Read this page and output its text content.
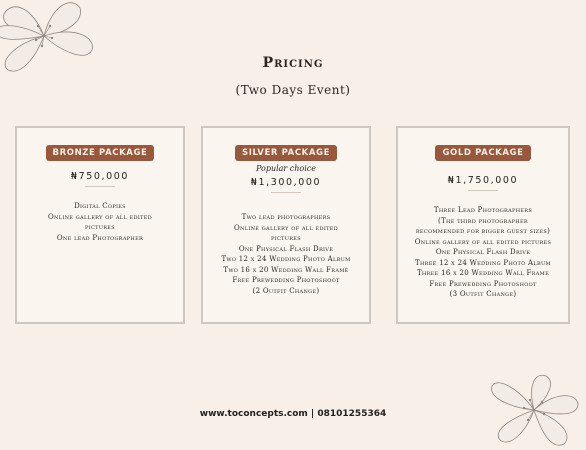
Pricing
(Two Days Event)
BRONZE PACKAGE
₦750,000
Digital Copies
Online gallery of all edited
pictures
One lead Photographer
SILVER PACKAGE
Popular choice
₦1,300,000
Two lead photographers
Online gallery of all edited
pictures
One Physical Flash Drive
Two 12 x 24 Wedding Photo Album
Two 16 x 20 Wedding Wall Frame
Free Prewedding Photoshoot
(2 Outfit Change)
GOLD PACKAGE
₦1,750,000
Three Lead Photographers
(The third photographer
recommended for bigger guest sizes)
Online gallery of all edited pictures
One Physical Flash Drive
Three 12 x 24 Wedding Photo Album
Three 16 x 20 Wedding Wall Frame
Free Prewedding Photoshoot
(3 Outfit Change)
www.toconcepts.com | 08101255364
